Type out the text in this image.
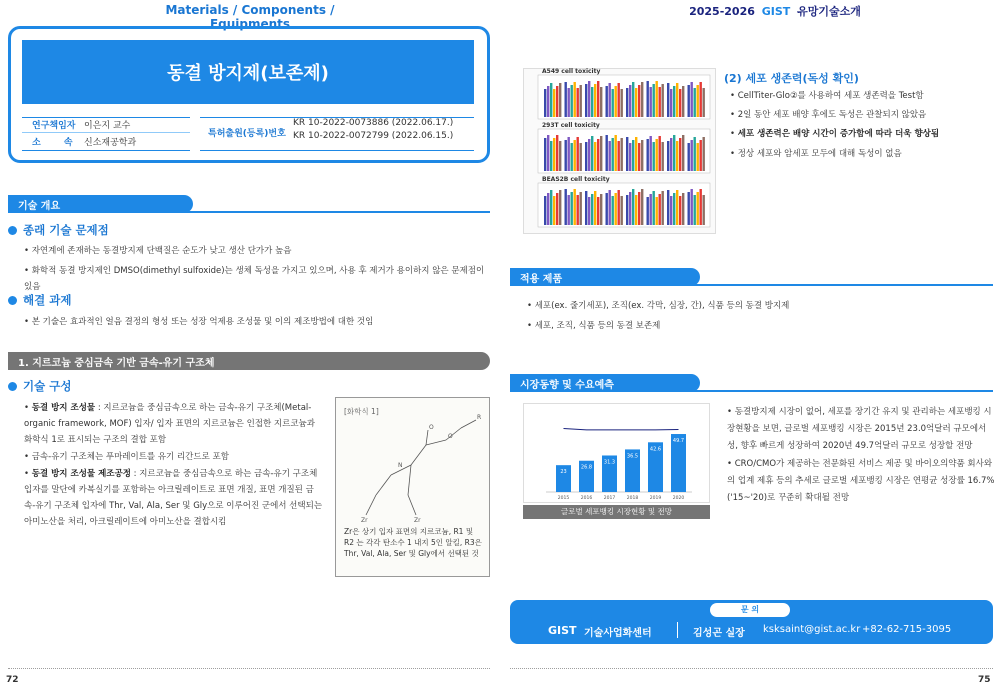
Materials / Components / Equipments
2025-2026 GIST 유망기술소개
동결 방지제(보존제)
연구책임자 이은지 교수
소 속 신소재공학과
특허출원(등록)번호
KR 10-2022-0073886 (2022.06.17.)
KR 10-2022-0072799 (2022.06.15.)
기술 개요
종래 기술 문제점
• 자연계에 존재하는 동결방지제 단백질은 순도가 낮고 생산 단가가 높음
• 화학적 동결 방지제인 DMSO(dimethyl sulfoxide)는 생체 독성을 가지고 있으며, 사용 후 제거가 용이하지 않은 문제점이 있음
해결 과제
• 본 기술은 효과적인 얼음 결정의 형성 또는 성장 억제용 조성물 및 이의 제조방법에 대한 것임
1. 지르코늄 중심금속 기반 금속-유기 구조체
기술 구성
• 동결 방지 조성물 : 지르코늄을 중심금속으로 하는 금속-유기 구조체(Metal-organic framework, MOF) 입자/ 입자 표면의 지르코늄은 인접한 지르코늄과 화학식 1로 표시되는 구조의 결합 포함
• 금속-유기 구조체는 푸마레이트를 유기 리간드로 포함
• 동결 방지 조성물 제조공정 : 지르코늄을 중심금속으로 하는 금속-유기 구조체 입자를 말단에 카복실기를 포함하는 아크릴레이트로 표면 개질, 표면 개질된 금속-유기 구조체 입자에 Thr, Val, Ala, Ser 및 Gly으로 이루어진 군에서 선택되는 아미노산을 처리, 아크릴레이트에 아미노산을 결합시킴
[화학식 1]
N
O
R
Zr	Zr
O
Zr은 상기 입자 표면의 지르코늄, R1 및 R2 는 각각 탄소수 1 내지 5인 알킬, R3은 Thr, Val, Ala, Ser 및 Gly에서 선택된 것
A549 cell toxicity
293T cell toxicity
BEAS2B cell toxicity
(2) 세포 생존력(독성 확인)
• CellTiter-Glo②를 사용하여 세포 생존력을 Test함
• 2일 동안 세포 배양 후에도 독성은 관찰되지 않았음
• 세포 생존력은 배양 시간이 증가함에 따라 더욱 향상됨
• 정상 세포와 암세포 모두에 대해 독성이 없음
적용 제품
• 세포(ex. 줄기세포), 조직(ex. 각막, 심장, 간), 식품 등의 동결 방지제
• 세포, 조직, 식품 등의 동결 보존제
시장동향 및 수요예측
23
2015
26.8
2016
31.3
2017
36.5
2018
42.6
2019
49.7
2020
글로벌 세포뱅킹 시장현황 및 전망
• 동결방지제 시장이 없어, 세포를 장기간 유지 및 관리하는 세포뱅킹 시장현황을 보면, 글로벌 세포뱅킹 시장은 2015년 23.0억달러 규모에서 성, 향후 빠르게 성장하여 2020년 49.7억달러 규모로 성장할 전망
• CRO/CMO가 제공하는 전문화된 서비스 제공 및 바이오의약품 회사와의 업계 제휴 등의 추세로 글로벌 세포뱅킹 시장은 연평균 성장률 16.7%('15~'20)로 꾸준히 확대될 전망
문 의
GIST 기술사업화센터	김성곤 실장 ksksaint@gist.ac.kr +82-62-715-3095
72	75
